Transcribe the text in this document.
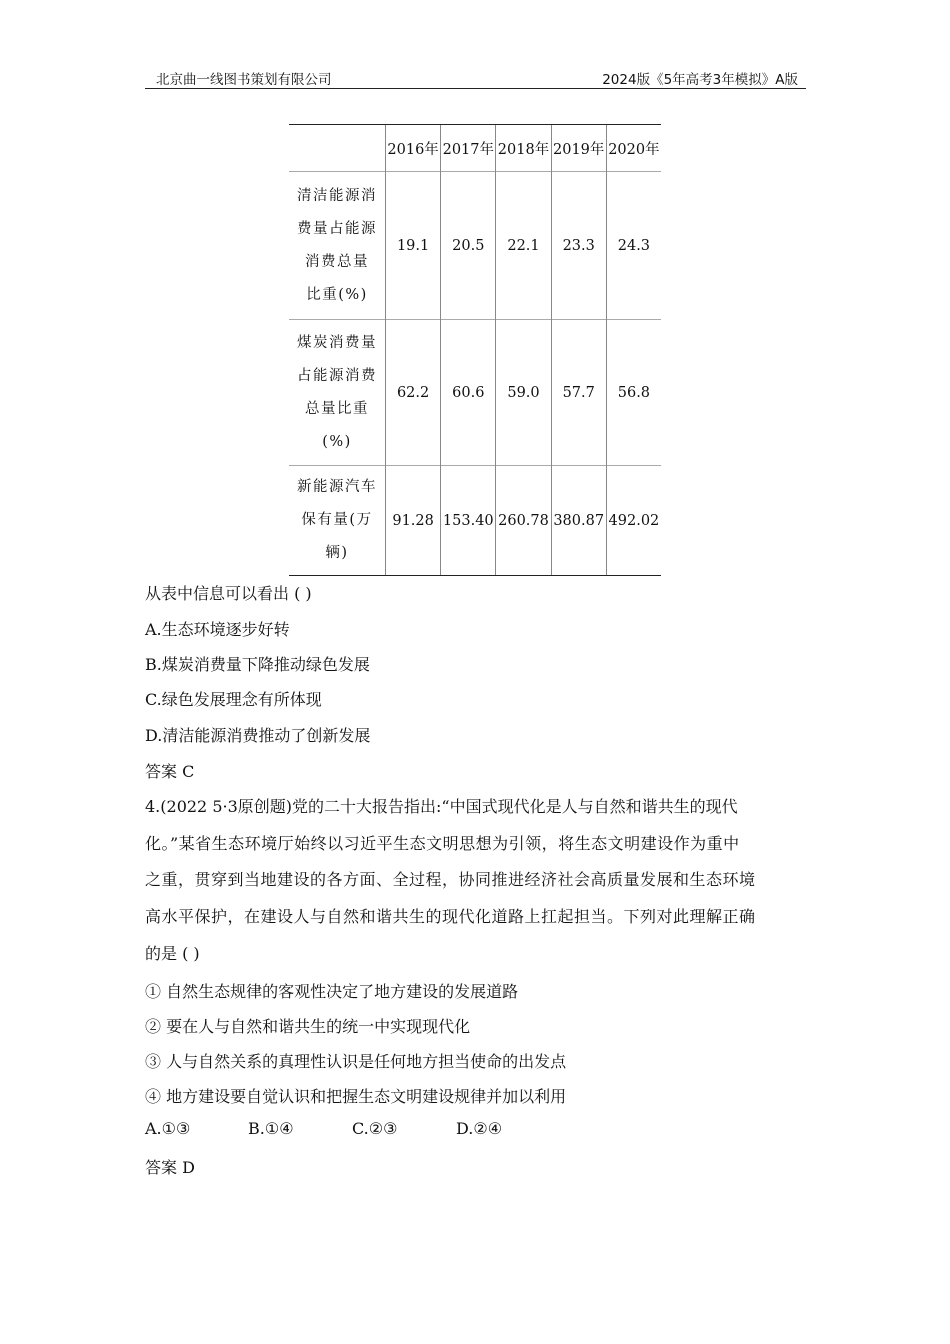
北京曲一线图书策划有限公司	2024版《5年高考3年模拟》A版
	2016年	2017年	2018年	2019年	2020年

清洁能源消
费量占能源
消费总量
比重(%)	19.1	20.5	22.1	23.3	24.3

煤炭消费量
占能源消费
总量比重(%)	62.2	60.6	59.0	57.7	56.8

新能源汽车
保有量(万
辆)	91.28	153.40	260.78	380.87	492.02
从表中信息可以看出 ( )
A.生态环境逐步好转
B.煤炭消费量下降推动绿色发展
C.绿色发展理念有所体现
D.清洁能源消费推动了创新发展
答案 C
4.(2022 5·3原创题)党的二十大报告指出:“中国式现代化是人与自然和谐共生的现代
化。”某省生态环境厅始终以习近平生态文明思想为引领，将生态文明建设作为重中
之重，贯穿到当地建设的各方面、全过程，协同推进经济社会高质量发展和生态环境
高水平保护，在建设人与自然和谐共生的现代化道路上扛起担当。下列对此理解正确
的是 ( )
① 自然生态规律的客观性决定了地方建设的发展道路
② 要在人与自然和谐共生的统一中实现现代化
③ 人与自然关系的真理性认识是任何地方担当使命的出发点
④ 地方建设要自觉认识和把握生态文明建设规律并加以利用
A.①③	B.①④	C.②③	D.②④
答案 D
